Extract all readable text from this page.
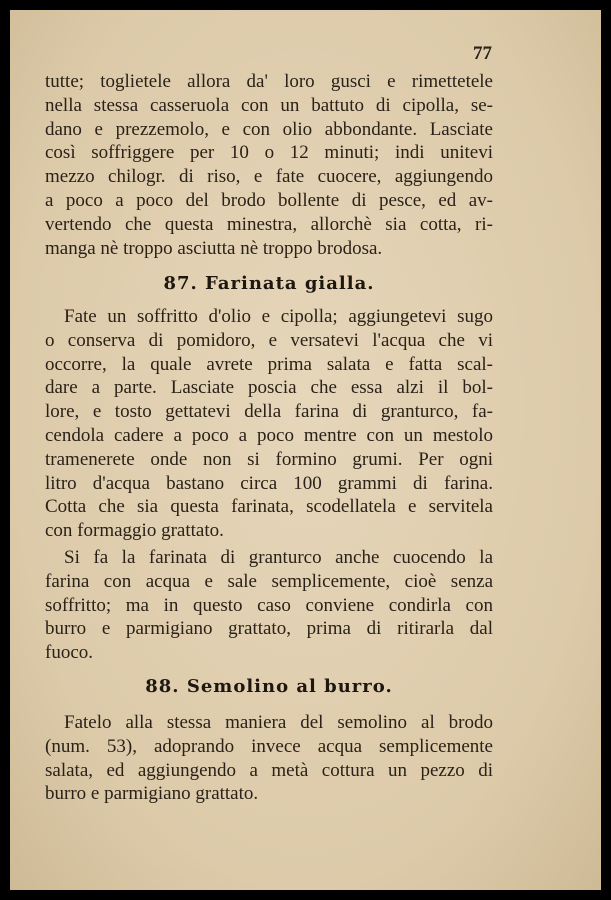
77
tutte; toglietele allora da' loro gusci e rimettetele
nella stessa casseruola con un battuto di cipolla, se-
dano e prezzemolo, e con olio abbondante. Lasciate
così soffriggere per 10 o 12 minuti; indi unitevi
mezzo chilogr. di riso, e fate cuocere, aggiungendo
a poco a poco del brodo bollente di pesce, ed av-
vertendo che questa minestra, allorchè sia cotta, ri-
manga nè troppo asciutta nè troppo brodosa.
87. Farinata gialla.
Fate un soffritto d'olio e cipolla; aggiungetevi sugo
o conserva di pomidoro, e versatevi l'acqua che vi
occorre, la quale avrete prima salata e fatta scal-
dare a parte. Lasciate poscia che essa alzi il bol-
lore, e tosto gettatevi della farina di granturco, fa-
cendola cadere a poco a poco mentre con un mestolo
tramenerete onde non si formino grumi. Per ogni
litro d'acqua bastano circa 100 grammi di farina.
Cotta che sia questa farinata, scodellatela e servitela
con formaggio grattato.
Si fa la farinata di granturco anche cuocendo la
farina con acqua e sale semplicemente, cioè senza
soffritto; ma in questo caso conviene condirla con
burro e parmigiano grattato, prima di ritirarla dal
fuoco.
88. Semolino al burro.
Fatelo alla stessa maniera del semolino al brodo
(num. 53), adoprando invece acqua semplicemente
salata, ed aggiungendo a metà cottura un pezzo di
burro e parmigiano grattato.
